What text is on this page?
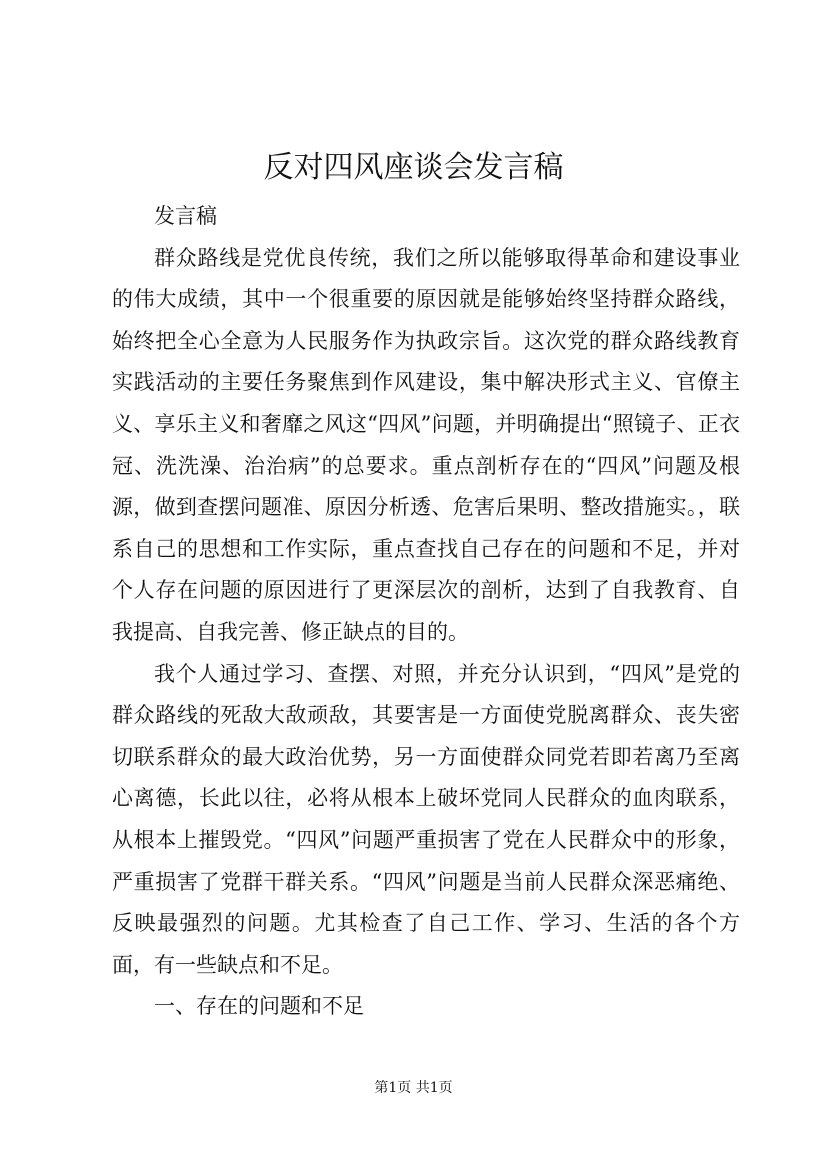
反对四风座谈会发言稿

发言稿

群众路线是党优良传统，我们之所以能够取得革命和建设事业的伟大成绩，其中一个很重要的原因就是能够始终坚持群众路线，始终把全心全意为人民服务作为执政宗旨。这次党的群众路线教育实践活动的主要任务聚焦到作风建设，集中解决形式主义、官僚主义、享乐主义和奢靡之风这“四风”问题，并明确提出“照镜子、正衣冠、洗洗澡、治治病”的总要求。重点剖析存在的“四风”问题及根源，做到查摆问题准、原因分析透、危害后果明、整改措施实。，联系自己的思想和工作实际，重点查找自己存在的问题和不足，并对个人存在问题的原因进行了更深层次的剖析，达到了自我教育、自我提高、自我完善、修正缺点的目的。

我个人通过学习、查摆、对照，并充分认识到，“四风”是党的群众路线的死敌大敌顽敌，其要害是一方面使党脱离群众、丧失密切联系群众的最大政治优势，另一方面使群众同党若即若离乃至离心离德，长此以往，必将从根本上破坏党同人民群众的血肉联系，从根本上摧毁党。“四风”问题严重损害了党在人民群众中的形象，严重损害了党群干群关系。“四风”问题是当前人民群众深恶痛绝、反映最强烈的问题。尤其检查了自己工作、学习、生活的各个方面，有一些缺点和不足。

一、存在的问题和不足

第1页 共1页
